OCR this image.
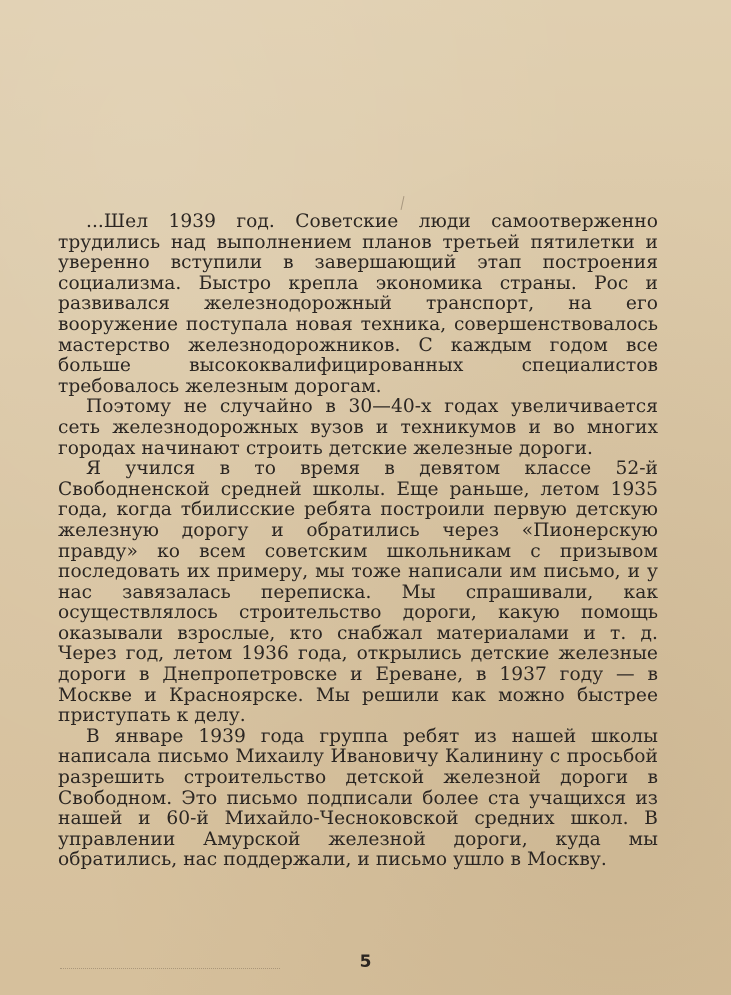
...Шел 1939 год. Советские люди самоотверженно трудились над выполнением планов третьей пятилетки и уверенно вступили в завершающий этап построения социализма. Быстро крепла экономика страны. Рос и развивался железнодорожный транспорт, на его вооружение поступала новая техника, совершенствовалось мастерство железнодорожников. С каждым годом все больше высококвалифицированных специалистов требовалось железным дорогам.

Поэтому не случайно в 30—40-х годах увеличивается сеть железнодорожных вузов и техникумов и во многих городах начинают строить детские железные дороги.

Я учился в то время в девятом классе 52-й Свободненской средней школы. Еще раньше, летом 1935 года, когда тбилисские ребята построили первую детскую железную дорогу и обратились через «Пионерскую правду» ко всем советским школьникам с призывом последовать их примеру, мы тоже написали им письмо, и у нас завязалась переписка. Мы спрашивали, как осуществлялось строительство дороги, какую помощь оказывали взрослые, кто снабжал материалами и т. д. Через год, летом 1936 года, открылись детские железные дороги в Днепропетровске и Ереване, в 1937 году — в Москве и Красноярске. Мы решили как можно быстрее приступать к делу.

В январе 1939 года группа ребят из нашей школы написала письмо Михаилу Ивановичу Калинину с просьбой разрешить строительство детской железной дороги в Свободном. Это письмо подписали более ста учащихся из нашей и 60-й Михайло-Чесноковской средних школ. В управлении Амурской железной дороги, куда мы обратились, нас поддержали, и письмо ушло в Москву.

5
